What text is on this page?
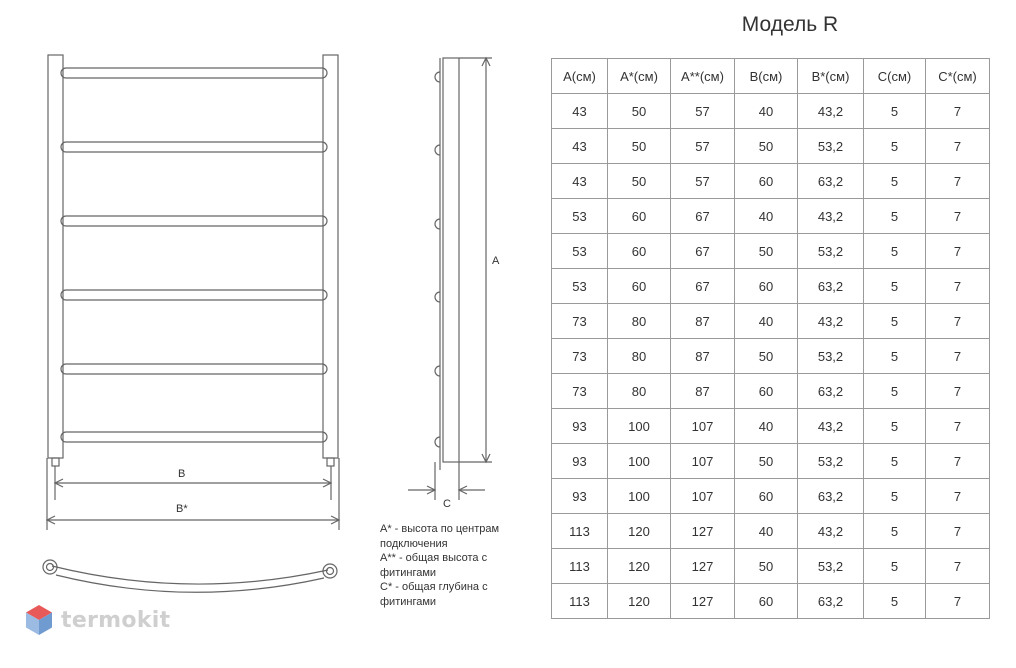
B
B*
A
C
Модель R
A(см)	A*(см)	A**(см)	B(см)	B*(см)	C(см)	C*(см)
43	50	57	40	43,2	5	7
43	50	57	50	53,2	5	7
43	50	57	60	63,2	5	7
53	60	67	40	43,2	5	7
53	60	67	50	53,2	5	7
53	60	67	60	63,2	5	7
73	80	87	40	43,2	5	7
73	80	87	50	53,2	5	7
73	80	87	60	63,2	5	7
93	100	107	40	43,2	5	7
93	100	107	50	53,2	5	7
93	100	107	60	63,2	5	7
113	120	127	40	43,2	5	7
113	120	127	50	53,2	5	7
113	120	127	60	63,2	5	7
A* - высота по центрам подключения
A** - общая высота с фитингами
C* - общая глубина с фитингами
termokit
